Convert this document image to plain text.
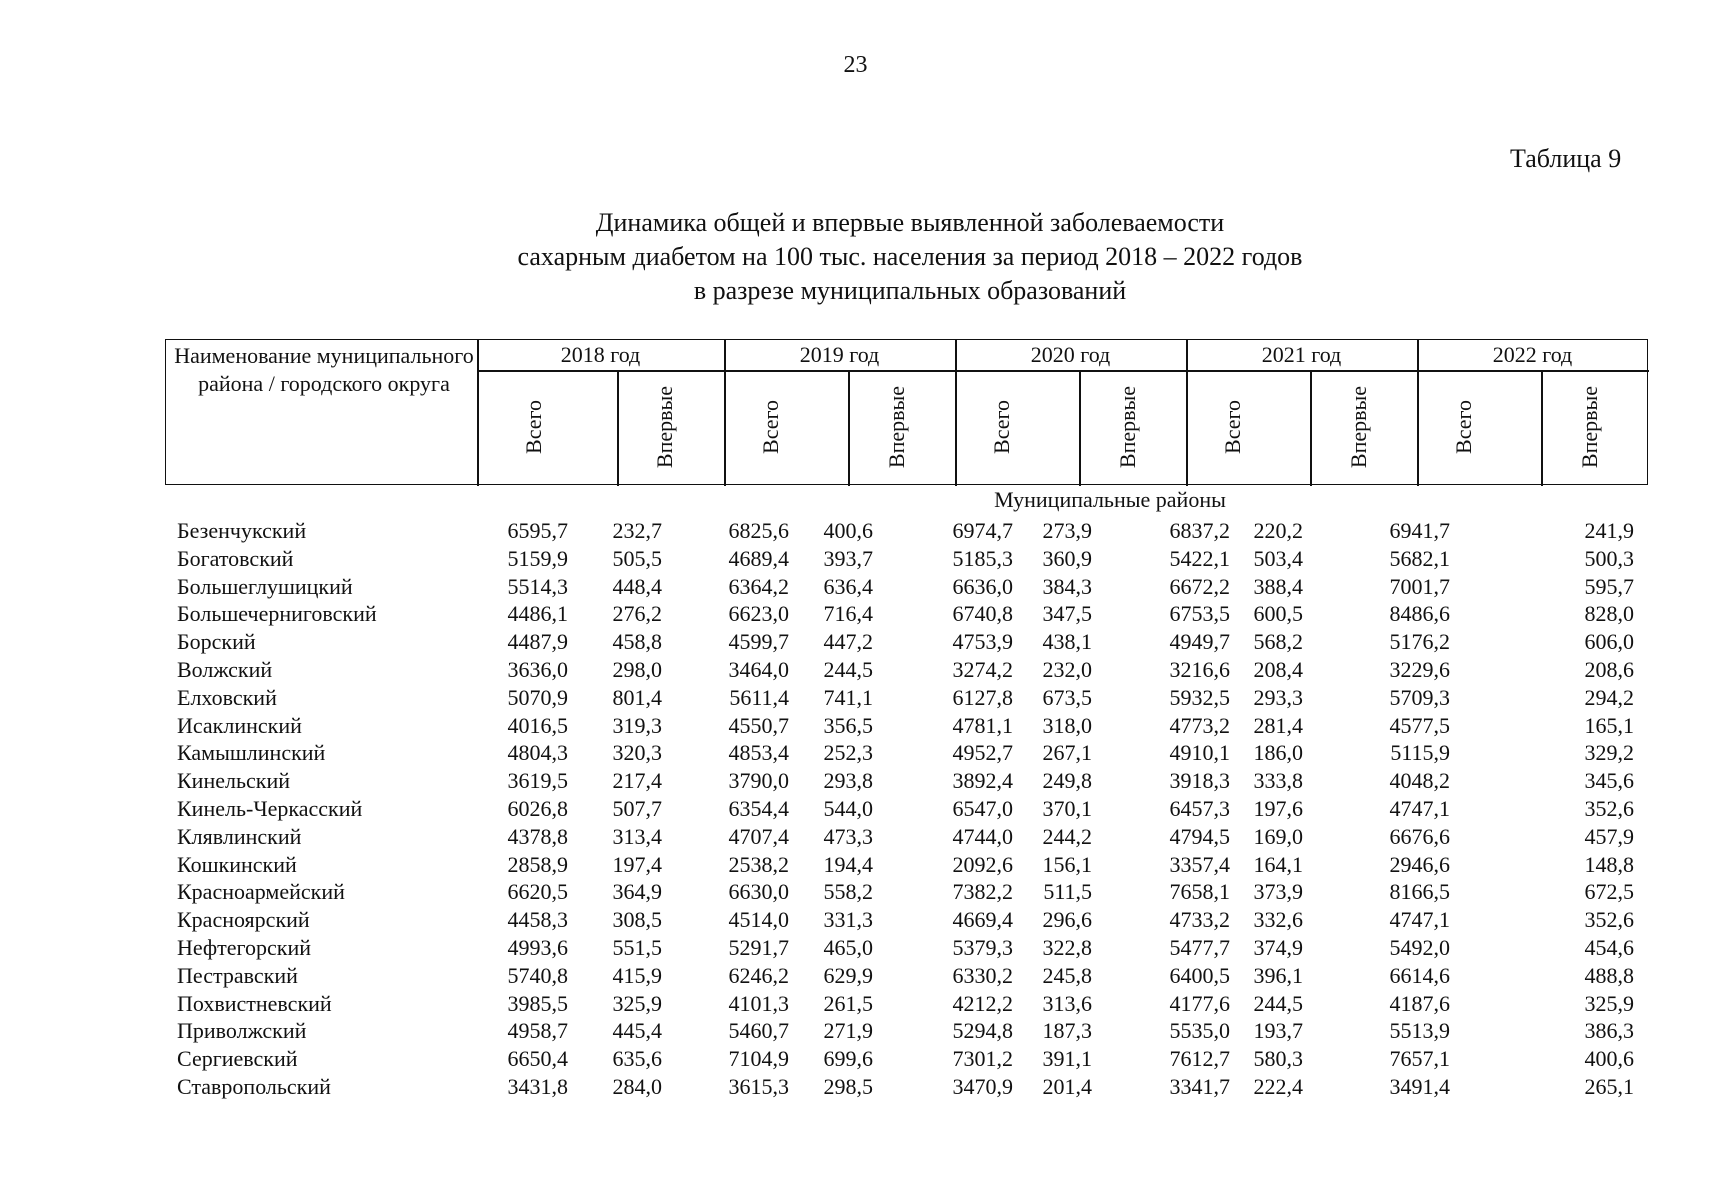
23
Таблица 9
Динамика общей и впервые выявленной заболеваемости
сахарным диабетом на 100 тыс. населения за период 2018 – 2022 годов
в разрезе муниципальных образований
Наименование муниципального района / городского округа
2018 год	2019 год	2020 год	2021 год	2022 год
Всего	Впервые	Всего	Впервые	Всего	Впервые	Всего	Впервые	Всего	Впервые
Муниципальные районы
Безенчукский	6595,7	232,7	6825,6	400,6	6974,7	273,9	6837,2	220,2	6941,7	241,9
Богатовский	5159,9	505,5	4689,4	393,7	5185,3	360,9	5422,1	503,4	5682,1	500,3
Большеглушицкий	5514,3	448,4	6364,2	636,4	6636,0	384,3	6672,2	388,4	7001,7	595,7
Большечерниговский	4486,1	276,2	6623,0	716,4	6740,8	347,5	6753,5	600,5	8486,6	828,0
Борский	4487,9	458,8	4599,7	447,2	4753,9	438,1	4949,7	568,2	5176,2	606,0
Волжский	3636,0	298,0	3464,0	244,5	3274,2	232,0	3216,6	208,4	3229,6	208,6
Елховский	5070,9	801,4	5611,4	741,1	6127,8	673,5	5932,5	293,3	5709,3	294,2
Исаклинский	4016,5	319,3	4550,7	356,5	4781,1	318,0	4773,2	281,4	4577,5	165,1
Камышлинский	4804,3	320,3	4853,4	252,3	4952,7	267,1	4910,1	186,0	5115,9	329,2
Кинельский	3619,5	217,4	3790,0	293,8	3892,4	249,8	3918,3	333,8	4048,2	345,6
Кинель-Черкасский	6026,8	507,7	6354,4	544,0	6547,0	370,1	6457,3	197,6	4747,1	352,6
Клявлинский	4378,8	313,4	4707,4	473,3	4744,0	244,2	4794,5	169,0	6676,6	457,9
Кошкинский	2858,9	197,4	2538,2	194,4	2092,6	156,1	3357,4	164,1	2946,6	148,8
Красноармейский	6620,5	364,9	6630,0	558,2	7382,2	511,5	7658,1	373,9	8166,5	672,5
Красноярский	4458,3	308,5	4514,0	331,3	4669,4	296,6	4733,2	332,6	4747,1	352,6
Нефтегорский	4993,6	551,5	5291,7	465,0	5379,3	322,8	5477,7	374,9	5492,0	454,6
Пестравский	5740,8	415,9	6246,2	629,9	6330,2	245,8	6400,5	396,1	6614,6	488,8
Похвистневский	3985,5	325,9	4101,3	261,5	4212,2	313,6	4177,6	244,5	4187,6	325,9
Приволжский	4958,7	445,4	5460,7	271,9	5294,8	187,3	5535,0	193,7	5513,9	386,3
Сергиевский	6650,4	635,6	7104,9	699,6	7301,2	391,1	7612,7	580,3	7657,1	400,6
Ставропольский	3431,8	284,0	3615,3	298,5	3470,9	201,4	3341,7	222,4	3491,4	265,1
